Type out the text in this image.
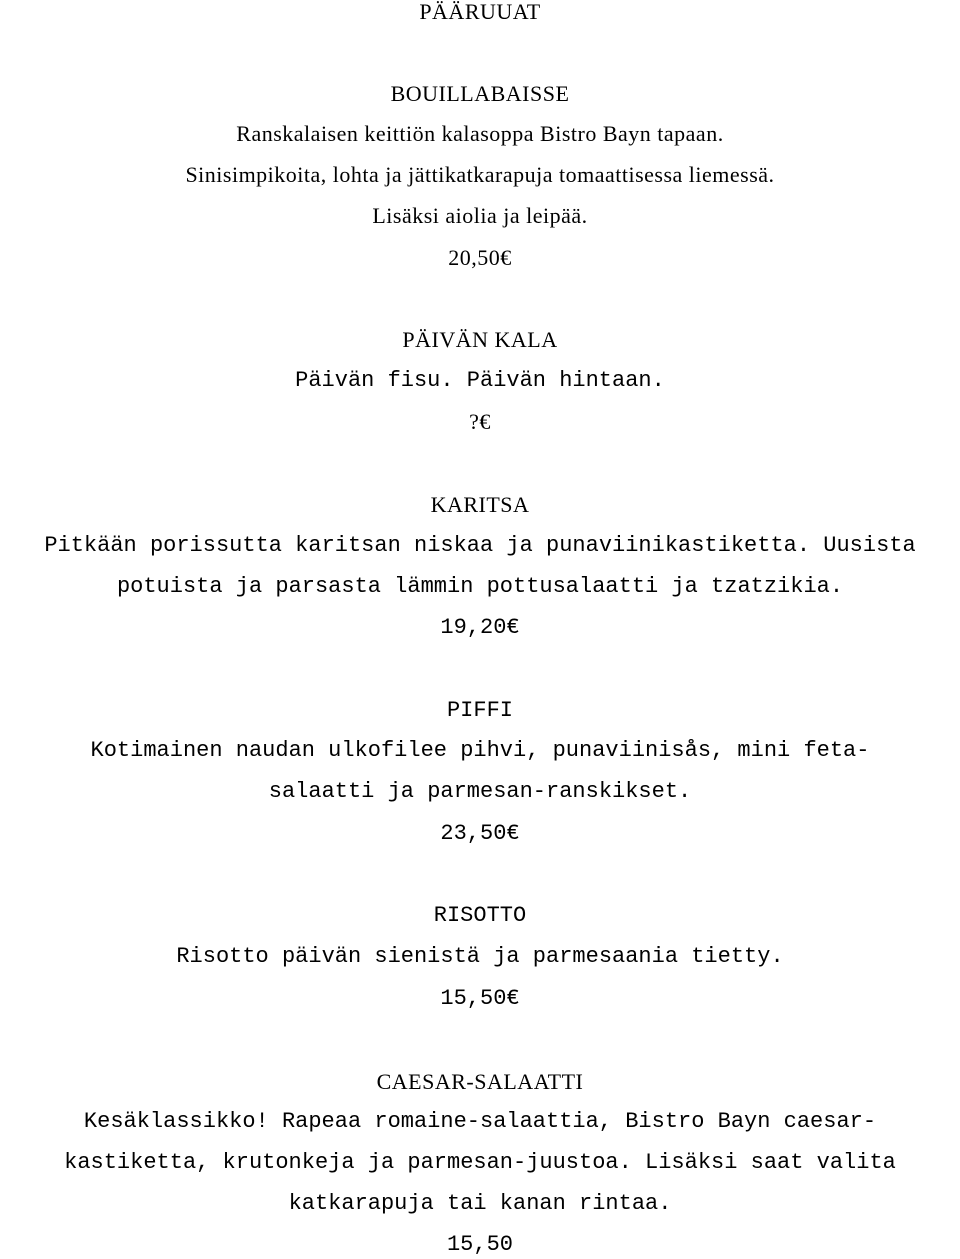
PÄÄRUUAT
BOUILLABAISSE
Ranskalaisen keittiön kalasoppa Bistro Bayn tapaan.
Sinisimpikoita, lohta ja jättikatkarapuja tomaattisessa liemessä.
Lisäksi aiolia ja leipää.
20,50€
PÄIVÄN KALA
Päivän fisu. Päivän hintaan.
?€
KARITSA
Pitkään porissutta karitsan niskaa ja punaviinikastiketta. Uusista
potuista ja parsasta lämmin pottusalaatti ja tzatzikia.
19,20€
PIFFI
Kotimainen naudan ulkofilee pihvi, punaviinisås, mini feta-
salaatti ja parmesan-ranskikset.
23,50€
RISOTTO
Risotto päivän sienistä ja parmesaania tietty.
15,50€
CAESAR-SALAATTI
Kesäklassikko! Rapeaa romaine-salaattia, Bistro Bayn caesar-
kastiketta, krutonkeja ja parmesan-juustoa. Lisäksi saat valita
katkarapuja tai kanan rintaa.
15,50
